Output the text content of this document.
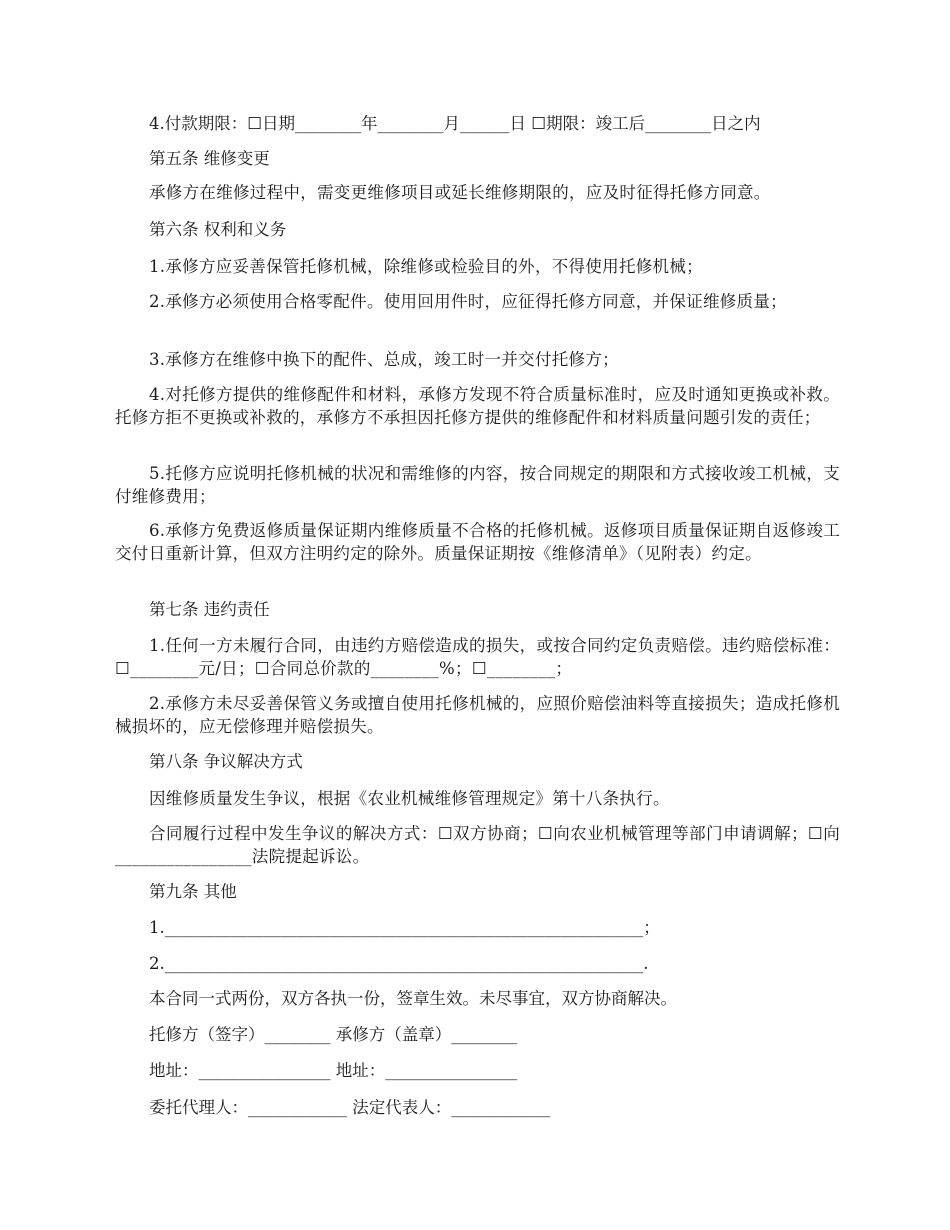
4.付款期限：☐日期________年________月______日 ☐期限：竣工后________日之内
第五条 维修变更
承修方在维修过程中，需变更维修项目或延长维修期限的，应及时征得托修方同意。
第六条 权利和义务
1.承修方应妥善保管托修机械，除维修或检验目的外，不得使用托修机械；
2.承修方必须使用合格零配件。使用回用件时，应征得托修方同意，并保证维修质量；
3.承修方在维修中换下的配件、总成，竣工时一并交付托修方；
4.对托修方提供的维修配件和材料，承修方发现不符合质量标准时，应及时通知更换或补救。托修方拒不更换或补救的，承修方不承担因托修方提供的维修配件和材料质量问题引发的责任；
5.托修方应说明托修机械的状况和需维修的内容，按合同规定的期限和方式接收竣工机械，支付维修费用；
6.承修方免费返修质量保证期内维修质量不合格的托修机械。返修项目质量保证期自返修竣工交付日重新计算，但双方注明约定的除外。质量保证期按《维修清单》（见附表）约定。
第七条 违约责任
1.任何一方未履行合同，由违约方赔偿造成的损失，或按合同约定负责赔偿。违约赔偿标准：☐________元/日；☐合同总价款的________%；☐________；
2.承修方未尽妥善保管义务或擅自使用托修机械的，应照价赔偿油料等直接损失；造成托修机械损坏的，应无偿修理并赔偿损失。
第八条 争议解决方式
因维修质量发生争议，根据《农业机械维修管理规定》第十八条执行。
合同履行过程中发生争议的解决方式：☐双方协商；☐向农业机械管理等部门申请调解；☐向________________法院提起诉讼。
第九条 其他
1.__________________________________________________________；
2.__________________________________________________________.
本合同一式两份，双方各执一份，签章生效。未尽事宜，双方协商解决。
托修方（签字）________ 承修方（盖章）________
地址：________________ 地址：________________
委托代理人：____________ 法定代表人：____________
